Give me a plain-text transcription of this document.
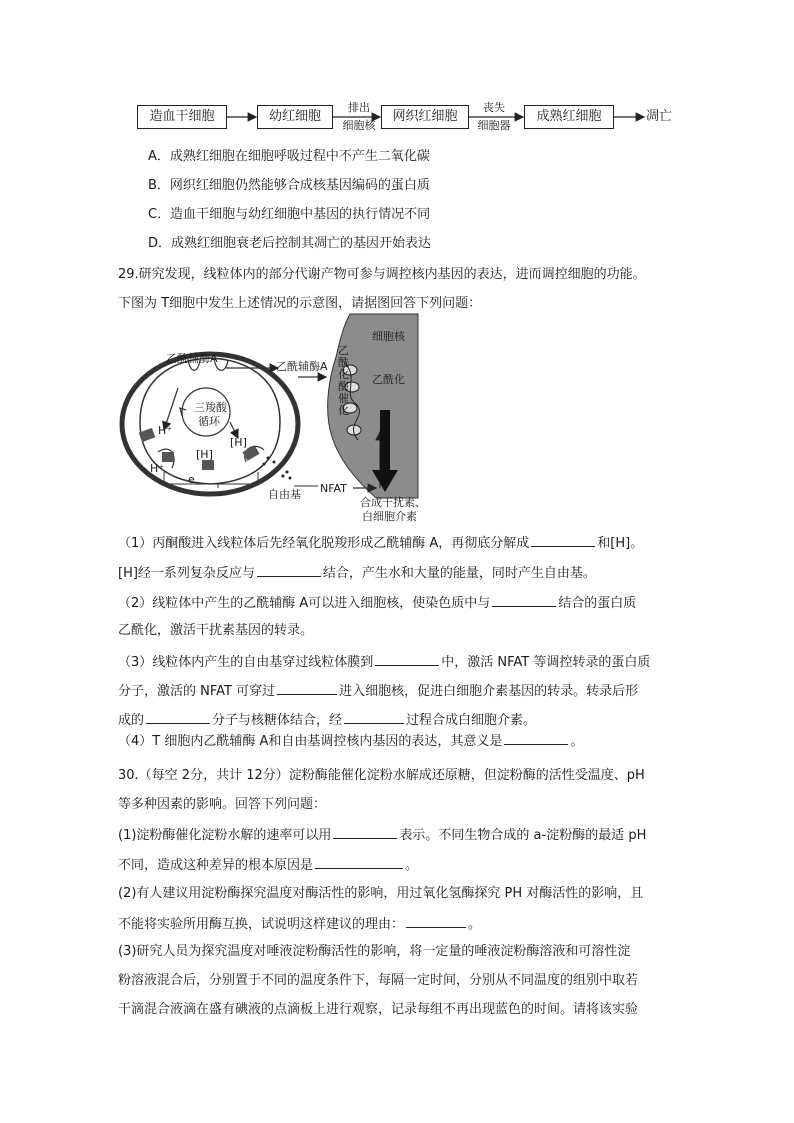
造血干细胞	幼红细胞	网织红细胞	成熟红细胞
排出
细胞核
丧失
细胞器
凋亡
A．成熟红细胞在细胞呼吸过程中不产生二氧化碳
B．网织红细胞仍然能够合成核基因编码的蛋白质
C．造血干细胞与幼红细胞中基因的执行情况不同
D．成熟红细胞衰老后控制其凋亡的基因开始表达
29.研究发现，线粒体内的部分代谢产物可参与调控核内基因的表达，进而调控细胞的功能。
下图为 T细胞中发生上述情况的示意图，请据图回答下列问题：
乙酰辅酶A
乙酰辅酶A
三羧酸
循环
[H]
[H]
H⁺
H⁺
e
自由基 NFAT
细胞核
乙酰化酶催化
乙酰化
合成干扰素、
白细胞介素
（1）丙酮酸进入线粒体后先经氧化脱羧形成乙酰辅酶 A，再彻底分解成	和[H]。
[H]经一系列复杂反应与	结合，产生水和大量的能量，同时产生自由基。
（2）线粒体中产生的乙酰辅酶 A可以进入细胞核，使染色质中与	结合的蛋白质
乙酰化，激活干扰素基因的转录。
（3）线粒体内产生的自由基穿过线粒体膜到	中，激活 NFAT 等调控转录的蛋白质
分子，激活的 NFAT 可穿过	进入细胞核，促进白细胞介素基因的转录。转录后形
成的	分子与核糖体结合，经	过程合成白细胞介素。
（4）T 细胞内乙酰辅酶 A和自由基调控核内基因的表达，其意义是	。
30.（每空 2分，共计 12分）淀粉酶能催化淀粉水解成还原糖，但淀粉酶的活性受温度、pH
等多种因素的影响。回答下列问题：
(1)淀粉酶催化淀粉水解的速率可以用	表示。不同生物合成的 a-淀粉酶的最适 pH
不同，造成这种差异的根本原因是	。
(2)有人建议用淀粉酶探究温度对酶活性的影响，用过氧化氢酶探究 PH 对酶活性的影响，且
不能将实验所用酶互换，试说明这样建议的理由：	。
(3)研究人员为探究温度对唾液淀粉酶活性的影响，将一定量的唾液淀粉酶溶液和可溶性淀
粉溶液混合后，分别置于不同的温度条件下，每隔一定时间，分别从不同温度的组别中取若
干滴混合液滴在盛有碘液的点滴板上进行观察，记录每组不再出现蓝色的时间。请将该实验
